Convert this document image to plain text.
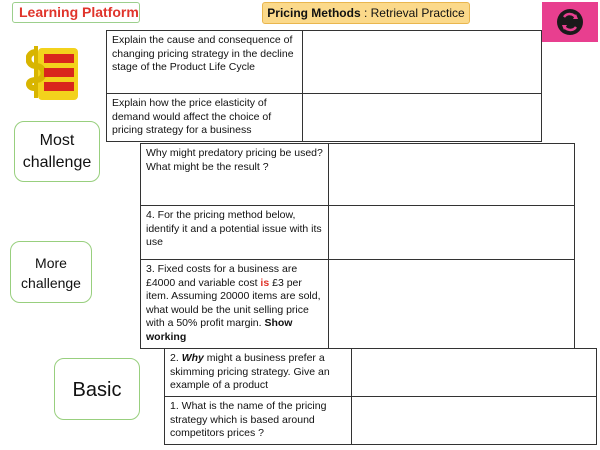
Learning Platform	Pricing Methods : Retrieval Practice
Most
challenge
More
challenge
Basic
Explain the cause and consequence of changing pricing strategy in the decline stage of the Product Life Cycle	
Explain how the price elasticity of demand would affect the choice of pricing strategy for a business	
Why might predatory pricing be used? What might be the result ?	
4. For the pricing method below, identify it and a potential issue with its use	
3. Fixed costs for a business are £4000 and variable cost is £3 per item. Assuming 20000 items are sold, what would be the unit selling price with a 50% profit margin. Show working	
2. Why might a business prefer a skimming pricing strategy. Give an example of a product	
1. What is the name of the pricing strategy which is based around competitors prices ?	
